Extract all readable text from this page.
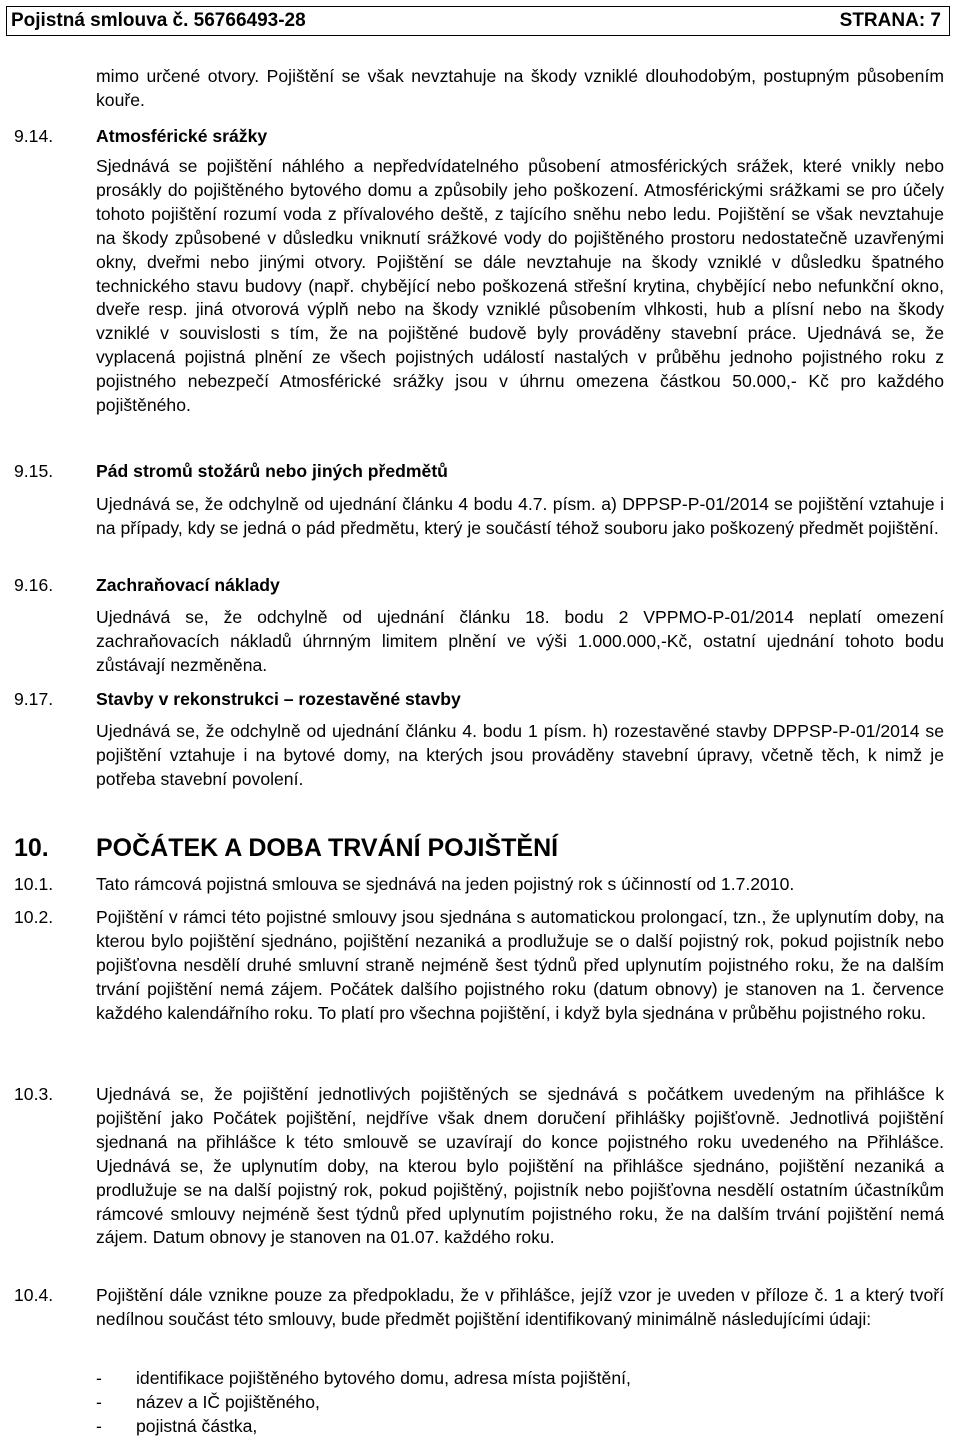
Pojistná smlouva č. 56766493-28	STRANA: 7
mimo určené otvory. Pojištění se však nevztahuje na škody vzniklé dlouhodobým, postupným působením kouře.
9.14. Atmosférické srážky
Sjednává se pojištění náhlého a nepředvídatelného působení atmosférických srážek, které vnikly nebo prosákly do pojištěného bytového domu a způsobily jeho poškození. Atmosférickými srážkami se pro účely tohoto pojištění rozumí voda z přívalového deště, z tajícího sněhu nebo ledu. Pojištění se však nevztahuje na škody způsobené v důsledku vniknutí srážkové vody do pojištěného prostoru nedostatečně uzavřenými okny, dveřmi nebo jinými otvory. Pojištění se dále nevztahuje na škody vzniklé v důsledku špatného technického stavu budovy (např. chybějící nebo poškozená střešní krytina, chybějící nebo nefunkční okno, dveře resp. jiná otvorová výplň nebo na škody vzniklé působením vlhkosti, hub a plísní nebo na škody vzniklé v souvislosti s tím, že na pojištěné budově byly prováděny stavební práce. Ujednává se, že vyplacená pojistná plnění ze všech pojistných událostí nastalých v průběhu jednoho pojistného roku z pojistného nebezpečí Atmosférické srážky jsou v úhrnu omezena částkou 50.000,- Kč pro každého pojištěného.
9.15. Pád stromů stožárů nebo jiných předmětů
Ujednává se, že odchylně od ujednání článku 4 bodu 4.7. písm. a) DPPSP-P-01/2014 se pojištění vztahuje i na případy, kdy se jedná o pád předmětu, který je součástí téhož souboru jako poškozený předmět pojištění.
9.16. Zachraňovací náklady
Ujednává se, že odchylně od ujednání článku 18. bodu 2 VPPMO-P-01/2014 neplatí omezení zachraňovacích nákladů úhrnným limitem plnění ve výši 1.000.000,-Kč, ostatní ujednání tohoto bodu zůstávají nezměněna.
9.17. Stavby v rekonstrukci – rozestavěné stavby
Ujednává se, že odchylně od ujednání článku 4. bodu 1 písm. h) rozestavěné stavby DPPSP-P-01/2014 se pojištění vztahuje i na bytové domy, na kterých jsou prováděny stavební úpravy, včetně těch, k nimž je potřeba stavební povolení.
10. POČÁTEK A DOBA TRVÁNÍ POJIŠTĚNÍ
10.1. Tato rámcová pojistná smlouva se sjednává na jeden pojistný rok s účinností od 1.7.2010.
10.2. Pojištění v rámci této pojistné smlouvy jsou sjednána s automatickou prolongací, tzn., že uplynutím doby, na kterou bylo pojištění sjednáno, pojištění nezaniká a prodlužuje se o další pojistný rok, pokud pojistník nebo pojišťovna nesdělí druhé smluvní straně nejméně šest týdnů před uplynutím pojistného roku, že na dalším trvání pojištění nemá zájem. Počátek dalšího pojistného roku (datum obnovy) je stanoven na 1. července každého kalendářního roku. To platí pro všechna pojištění, i když byla sjednána v průběhu pojistného roku.
10.3. Ujednává se, že pojištění jednotlivých pojištěných se sjednává s počátkem uvedeným na přihlášce k pojištění jako Počátek pojištění, nejdříve však dnem doručení přihlášky pojišťovně. Jednotlivá pojištění sjednaná na přihlášce k této smlouvě se uzavírají do konce pojistného roku uvedeného na Přihlášce. Ujednává se, že uplynutím doby, na kterou bylo pojištění na přihlášce sjednáno, pojištění nezaniká a prodlužuje se na další pojistný rok, pokud pojištěný, pojistník nebo pojišťovna nesdělí ostatním účastníkům rámcové smlouvy nejméně šest týdnů před uplynutím pojistného roku, že na dalším trvání pojištění nemá zájem. Datum obnovy je stanoven na 01.07. každého roku.
10.4. Pojištění dále vznikne pouze za předpokladu, že v přihlášce, jejíž vzor je uveden v příloze č. 1 a který tvoří nedílnou součást této smlouvy, bude předmět pojištění identifikovaný minimálně následujícími údaji:
-	identifikace pojištěného bytového domu, adresa místa pojištění,
-	název a IČ pojištěného,
-	pojistná částka,
